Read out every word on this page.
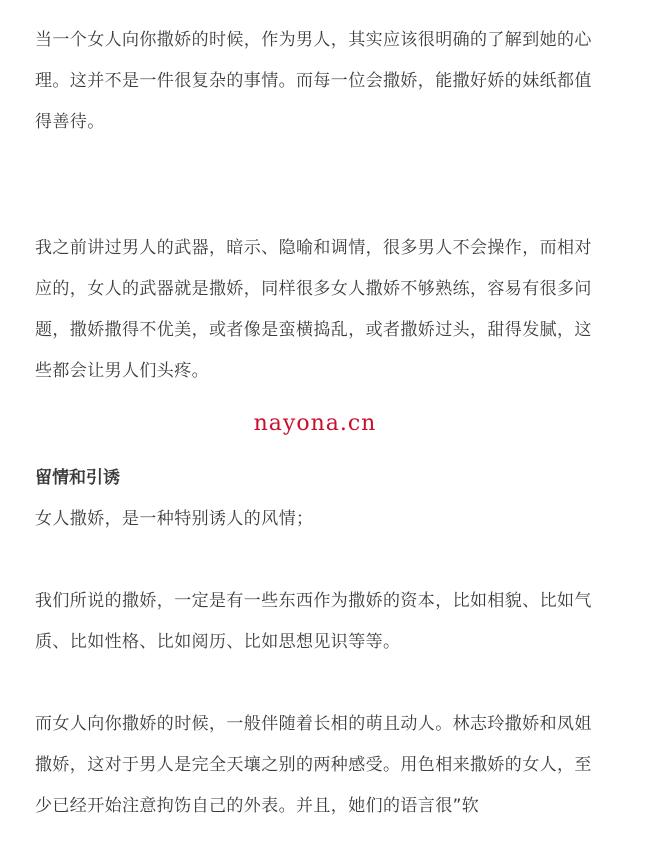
当一个女人向你撒娇的时候，作为男人，其实应该很明确的了解到她的心理。这并不是一件很复杂的事情。而每一位会撒娇，能撒好娇的妹纸都值得善待。

我之前讲过男人的武器，暗示、隐喻和调情，很多男人不会操作，而相对应的，女人的武器就是撒娇，同样很多女人撒娇不够熟练，容易有很多问题，撒娇撒得不优美，或者像是蛮横捣乱，或者撒娇过头，甜得发腻，这些都会让男人们头疼。

nayona.cn

留情和引诱

女人撒娇，是一种特别诱人的风情；

我们所说的撒娇，一定是有一些东西作为撒娇的资本，比如相貌、比如气质、比如性格、比如阅历、比如思想见识等等。

而女人向你撒娇的时候，一般伴随着长相的萌且动人。林志玲撒娇和凤姐撒娇，这对于男人是完全天壤之别的两种感受。用色相来撒娇的女人，至少已经开始注意拘饬自己的外表。并且，她们的语言很”软
